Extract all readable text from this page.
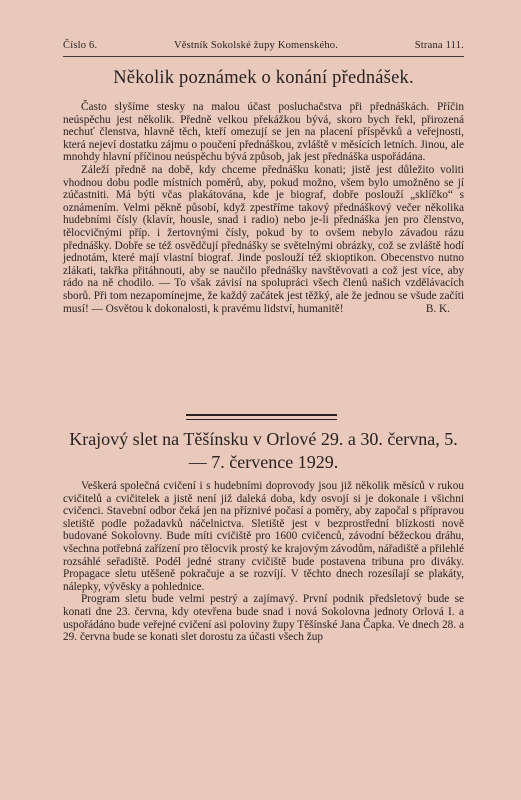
Číslo 6.	Věstník Sokolské župy Komenského.	Strana 111.
Několik poznámek o konání přednášek.

Často slyšíme stesky na malou účast posluchačstva při přednáškách. Příčin neúspěchu jest několik. Předně velkou překážkou bývá, skoro bych řekl, přirozená nechuť členstva, hlavně těch, kteří omezují se jen na placení příspěvků a veřejnosti, která nejeví dostatku zájmu o poučení přednáškou, zvláště v měsících letních. Jinou, ale mnohdy hlavní příčinou neúspěchu bývá způsob, jak jest přednáška uspořádána.

Záleží předně na době, kdy chceme přednášku konati; jistě jest důležito voliti vhodnou dobu podle místních poměrů, aby, pokud možno, všem bylo umožněno se jí zúčastniti. Má býti včas plakátována, kde je biograf, dobře poslouží „sklíčko“ s oznámením. Velmi pěkně působí, když zpestříme takový přednáškový večer několika hudebními čísly (klavír, housle, snad i radio) nebo je-li přednáška jen pro členstvo, tělocvičnými příp. i žertovnými čísly, pokud by to ovšem nebylo závadou rázu přednášky. Dobře se též osvědčují přednášky se světelnými obrázky, což se zvláště hodí jednotám, které mají vlastní biograf. Jinde poslouží též skioptikon. Obecenstvo nutno zlákati, takřka přitáhnouti, aby se naučilo přednášky navštěvovati a což jest více, aby rádo na ně chodilo. — To však závisí na spolupráci všech členů našich vzdělávacích sborů. Při tom nezapomínejme, že každý začátek jest těžký, ale že jednou se všude začíti musí! — Osvětou k dokonalosti, k pravému lidství, humanitě!	B. K.

Krajový slet na Těšínsku v Orlové 29. a 30. června, 5. — 7. července 1929.

Veškerá společná cvičení i s hudebními doprovody jsou již několik měsíců v rukou cvičitelů a cvičitelek a jistě není již daleká doba, kdy osvojí si je dokonale i všichni cvičenci. Stavební odbor čeká jen na příznivé počasí a poměry, aby započal s přípravou sletiště podle požadavků náčelnictva. Sletiště jest v bezprostřední blízkosti nově budované Sokolovny. Bude míti cvičiště pro 1600 cvičenců, závodní běžeckou dráhu, všechna potřebná zařízení pro tělocvik prostý ke krajovým závodům, nářadiště a přilehlé rozsáhlé seřadiště. Podél jedné strany cvičiště bude postavena tribuna pro diváky. Propagace sletu utěšeně pokračuje a se rozvíjí. V těchto dnech rozesílají se plakáty, nálepky, vývěsky a pohlednice.

Program sletu bude velmi pestrý a zajímavý. První podnik předsletový bude se konati dne 23. června, kdy otevřena bude snad i nová Sokolovna jednoty Orlová I. a uspořádáno bude veřejné cvičení asi poloviny župy Těšínské Jana Čapka. Ve dnech 28. a 29. června bude se konati slet dorostu za účasti všech žup
